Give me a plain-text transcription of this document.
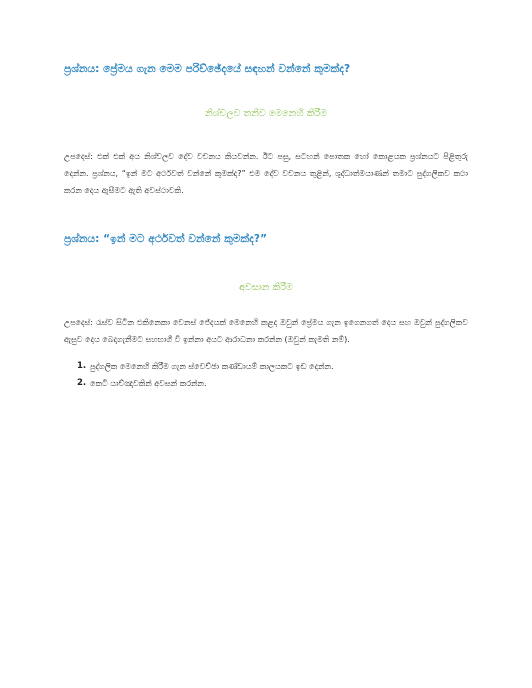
ප්‍රශ්නය: ප්‍රේමය ගැන මෙම පරිච්ඡේදයේ සඳහන් වන්නේ කුමක්ද?
නිශ්චලව තනිව මෙනෙහි කිරීම
උපදෙස්: එක් එක් අය නිශ්චලව දේව වචනය කියවන්න. ඊට පසු, සටහන් පොතක හෝ කොළයක ප්‍රශ්නයට පිළිතුරු දෙන්න. ප්‍රශ්නය, “ඉන් මට අර්ථවත් වන්නේ කුමක්ද?” එම දේව වචනය තුළින්, ශුද්ධාත්මයාණන් තමාට පුද්ගලිකව කථා කරන දෙය ඇසීමට ඇති අවස්ථාවකි.
ප්‍රශ්නය: “ඉන් මට අර්ථවත් වන්නේ කුමක්ද?”
අවසාන කිරීම
උපදෙස්: රැස්ව සිටින එකිනෙකා වෙනස් ජේදයක් මෙනෙහි කළද ඔවුන් ප්‍රේමය ගැන ඉගෙනගත් දෙය සහ ඔවුන් පුද්ගලිකව ඇසුව දෙය බෙදාගැනීමට සහභාගී වී ඉන්නා අයට ආරාධනා කරන්න (ඔවුන් කැමති නම්).
1. පුද්ගලික මෙනෙහි කිරීම ගැන ස්වෙච්ඡා කණ්ඩායම් කාලයකට ඉඩ දෙන්න.
2. කෙටි යාච්ඤාවකින් අවසන් කරන්න.
